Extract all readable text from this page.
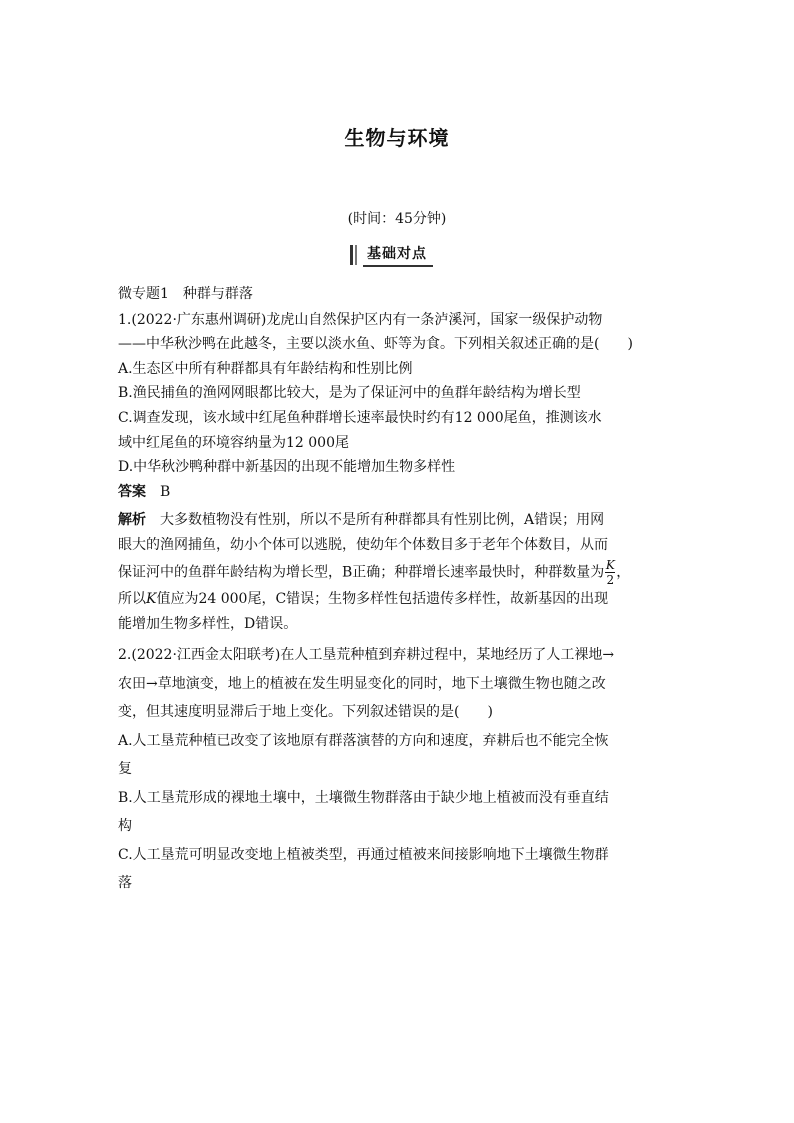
生物与环境
(时间：45分钟)
基础对点
微专题1　种群与群落
1.(2022·广东惠州调研)龙虎山自然保护区内有一条泸溪河，国家一级保护动物
——中华秋沙鸭在此越冬，主要以淡水鱼、虾等为食。下列相关叙述正确的是(　　)
A.生态区中所有种群都具有年龄结构和性别比例
B.渔民捕鱼的渔网网眼都比较大，是为了保证河中的鱼群年龄结构为增长型
C.调查发现，该水域中红尾鱼种群增长速率最快时约有12 000尾鱼，推测该水
域中红尾鱼的环境容纳量为12 000尾
D.中华秋沙鸭种群中新基因的出现不能增加生物多样性
答案 B
解析 大多数植物没有性别，所以不是所有种群都具有性别比例，A错误；用网
眼大的渔网捕鱼，幼小个体可以逃脱，使幼年个体数目多于老年个体数目，从而
保证河中的鱼群年龄结构为增长型，B正确；种群增长速率最快时，种群数量为 $\frac{K}{2}$ ，
所以K值应为24 000尾，C错误；生物多样性包括遗传多样性，故新基因的出现
能增加生物多样性，D错误。
2.(2022·江西金太阳联考)在人工垦荒种植到弃耕过程中，某地经历了人工裸地→
农田→草地演变，地上的植被在发生明显变化的同时，地下土壤微生物也随之改
变，但其速度明显滞后于地上变化。下列叙述错误的是(　　)
A.人工垦荒种植已改变了该地原有群落演替的方向和速度，弃耕后也不能完全恢
复
B.人工垦荒形成的裸地土壤中，土壤微生物群落由于缺少地上植被而没有垂直结
构
C.人工垦荒可明显改变地上植被类型，再通过植被来间接影响地下土壤微生物群
落
